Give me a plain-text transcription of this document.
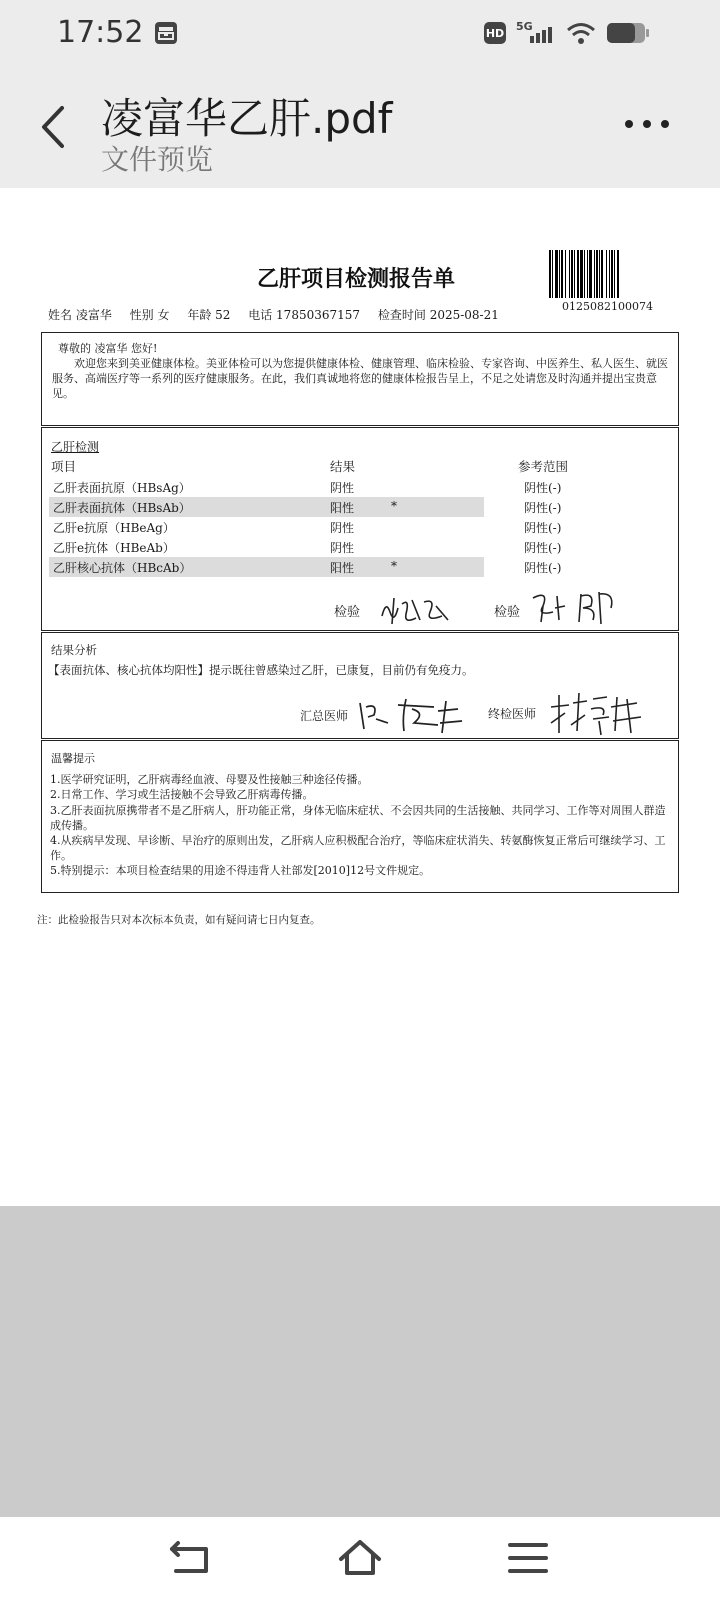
17:52	HD 5G
凌富华乙肝.pdf
文件预览
乙肝项目检测报告单
0125082100074
姓名 凌富华 性别 女 年龄 52 电话 17850367157 检查时间 2025-08-21

尊敬的 凌富华 您好!

欢迎您来到美亚健康体检。美亚体检可以为您提供健康体检、健康管理、临床检验、专家咨询、中医养生、私人医生、就医服务、高端医疗等一系列的医疗健康服务。在此，我们真诚地将您的健康体检报告呈上，不足之处请您及时沟通并提出宝贵意见。

乙肝检测
项目	结果	参考范围
乙肝表面抗原（HBsAg）	阴性	阴性(-)
乙肝表面抗体（HBsAb）	阳性	*	阴性(-)
乙肝e抗原（HBeAg）	阴性	阴性(-)
乙肝e抗体（HBeAb）	阴性	阴性(-)
乙肝核心抗体（HBcAb）	阳性	*	阴性(-)
检验	检验
结果分析
【表面抗体、核心抗体均阳性】提示既往曾感染过乙肝，已康复，目前仍有免疫力。
汇总医师	终检医师
温馨提示
1.医学研究证明，乙肝病毒经血液、母婴及性接触三种途径传播。
2.日常工作、学习或生活接触不会导致乙肝病毒传播。
3.乙肝表面抗原携带者不是乙肝病人，肝功能正常，身体无临床症状、不会因共同的生活接触、共同学习、工作等对周围人群造成传播。
4.从疾病早发现、早诊断、早治疗的原则出发，乙肝病人应积极配合治疗，等临床症状消失、转氨酶恢复正常后可继续学习、工作。
5.特别提示：本项目检查结果的用途不得违背人社部发[2010]12号文件规定。
注：此检验报告只对本次标本负责，如有疑问请七日内复查。
